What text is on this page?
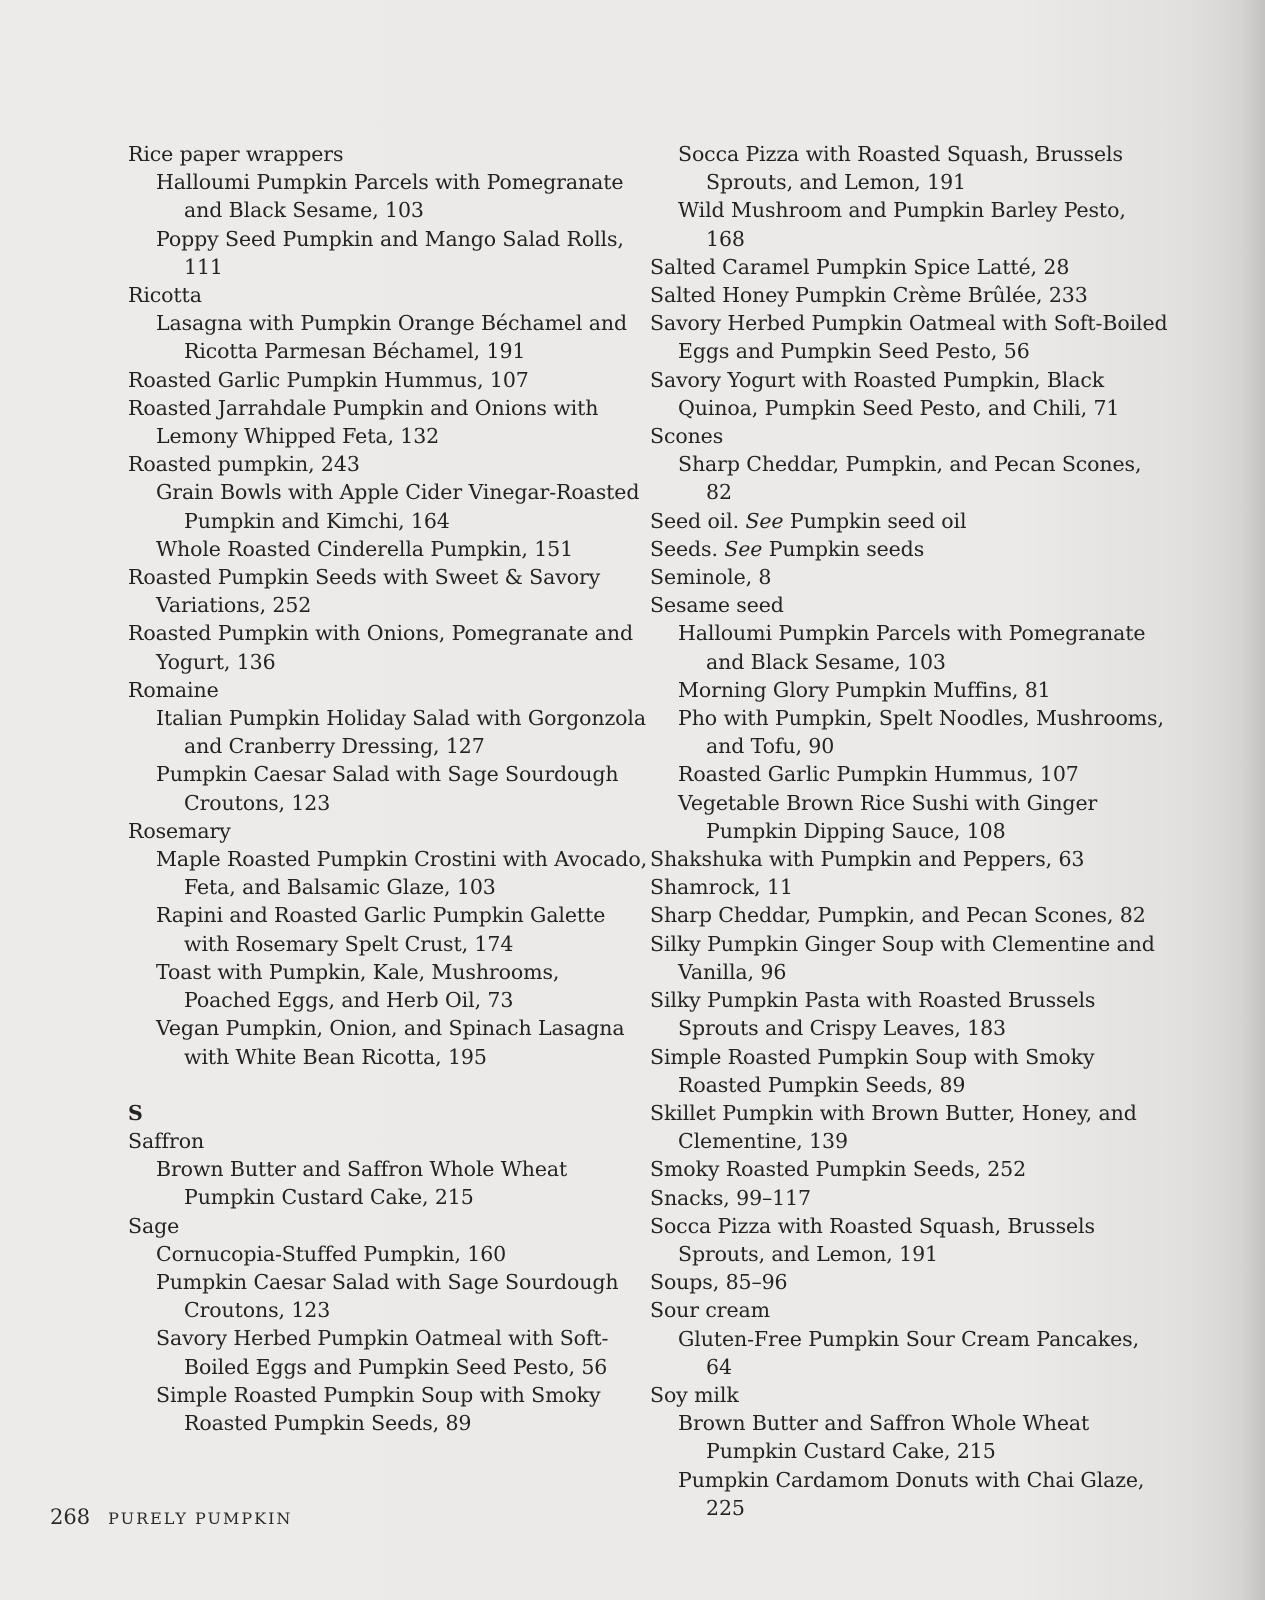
Rice paper wrappers

Halloumi Pumpkin Parcels with Pomegranate and Black Sesame, 103

Poppy Seed Pumpkin and Mango Salad Rolls, 111

Ricotta

Lasagna with Pumpkin Orange Béchamel and Ricotta Parmesan Béchamel, 191

Roasted Garlic Pumpkin Hummus, 107

Roasted Jarrahdale Pumpkin and Onions with Lemony Whipped Feta, 132

Roasted pumpkin, 243

Grain Bowls with Apple Cider Vinegar-Roasted Pumpkin and Kimchi, 164

Whole Roasted Cinderella Pumpkin, 151

Roasted Pumpkin Seeds with Sweet & Savory Variations, 252

Roasted Pumpkin with Onions, Pomegranate and Yogurt, 136

Romaine

Italian Pumpkin Holiday Salad with Gorgonzola and Cranberry Dressing, 127

Pumpkin Caesar Salad with Sage Sourdough Croutons, 123

Rosemary

Maple Roasted Pumpkin Crostini with Avocado, Feta, and Balsamic Glaze, 103

Rapini and Roasted Garlic Pumpkin Galette with Rosemary Spelt Crust, 174

Toast with Pumpkin, Kale, Mushrooms, Poached Eggs, and Herb Oil, 73

Vegan Pumpkin, Onion, and Spinach Lasagna with White Bean Ricotta, 195

S

Saffron

Brown Butter and Saffron Whole Wheat Pumpkin Custard Cake, 215

Sage

Cornucopia-Stuffed Pumpkin, 160

Pumpkin Caesar Salad with Sage Sourdough Croutons, 123

Savory Herbed Pumpkin Oatmeal with Soft-Boiled Eggs and Pumpkin Seed Pesto, 56

Simple Roasted Pumpkin Soup with Smoky Roasted Pumpkin Seeds, 89

Socca Pizza with Roasted Squash, Brussels Sprouts, and Lemon, 191

Wild Mushroom and Pumpkin Barley Pesto, 168

Salted Caramel Pumpkin Spice Latté, 28

Salted Honey Pumpkin Crème Brûlée, 233

Savory Herbed Pumpkin Oatmeal with Soft-Boiled Eggs and Pumpkin Seed Pesto, 56

Savory Yogurt with Roasted Pumpkin, Black Quinoa, Pumpkin Seed Pesto, and Chili, 71

Scones

Sharp Cheddar, Pumpkin, and Pecan Scones, 82

Seed oil. See Pumpkin seed oil

Seeds. See Pumpkin seeds

Seminole, 8

Sesame seed

Halloumi Pumpkin Parcels with Pomegranate and Black Sesame, 103

Morning Glory Pumpkin Muffins, 81

Pho with Pumpkin, Spelt Noodles, Mushrooms, and Tofu, 90

Roasted Garlic Pumpkin Hummus, 107

Vegetable Brown Rice Sushi with Ginger Pumpkin Dipping Sauce, 108

Shakshuka with Pumpkin and Peppers, 63

Shamrock, 11

Sharp Cheddar, Pumpkin, and Pecan Scones, 82

Silky Pumpkin Ginger Soup with Clementine and Vanilla, 96

Silky Pumpkin Pasta with Roasted Brussels Sprouts and Crispy Leaves, 183

Simple Roasted Pumpkin Soup with Smoky Roasted Pumpkin Seeds, 89

Skillet Pumpkin with Brown Butter, Honey, and Clementine, 139

Smoky Roasted Pumpkin Seeds, 252

Snacks, 99–117

Socca Pizza with Roasted Squash, Brussels Sprouts, and Lemon, 191

Soups, 85–96

Sour cream

Gluten-Free Pumpkin Sour Cream Pancakes, 64

Soy milk

Brown Butter and Saffron Whole Wheat Pumpkin Custard Cake, 215

Pumpkin Cardamom Donuts with Chai Glaze, 225

268 PURELY PUMPKIN
